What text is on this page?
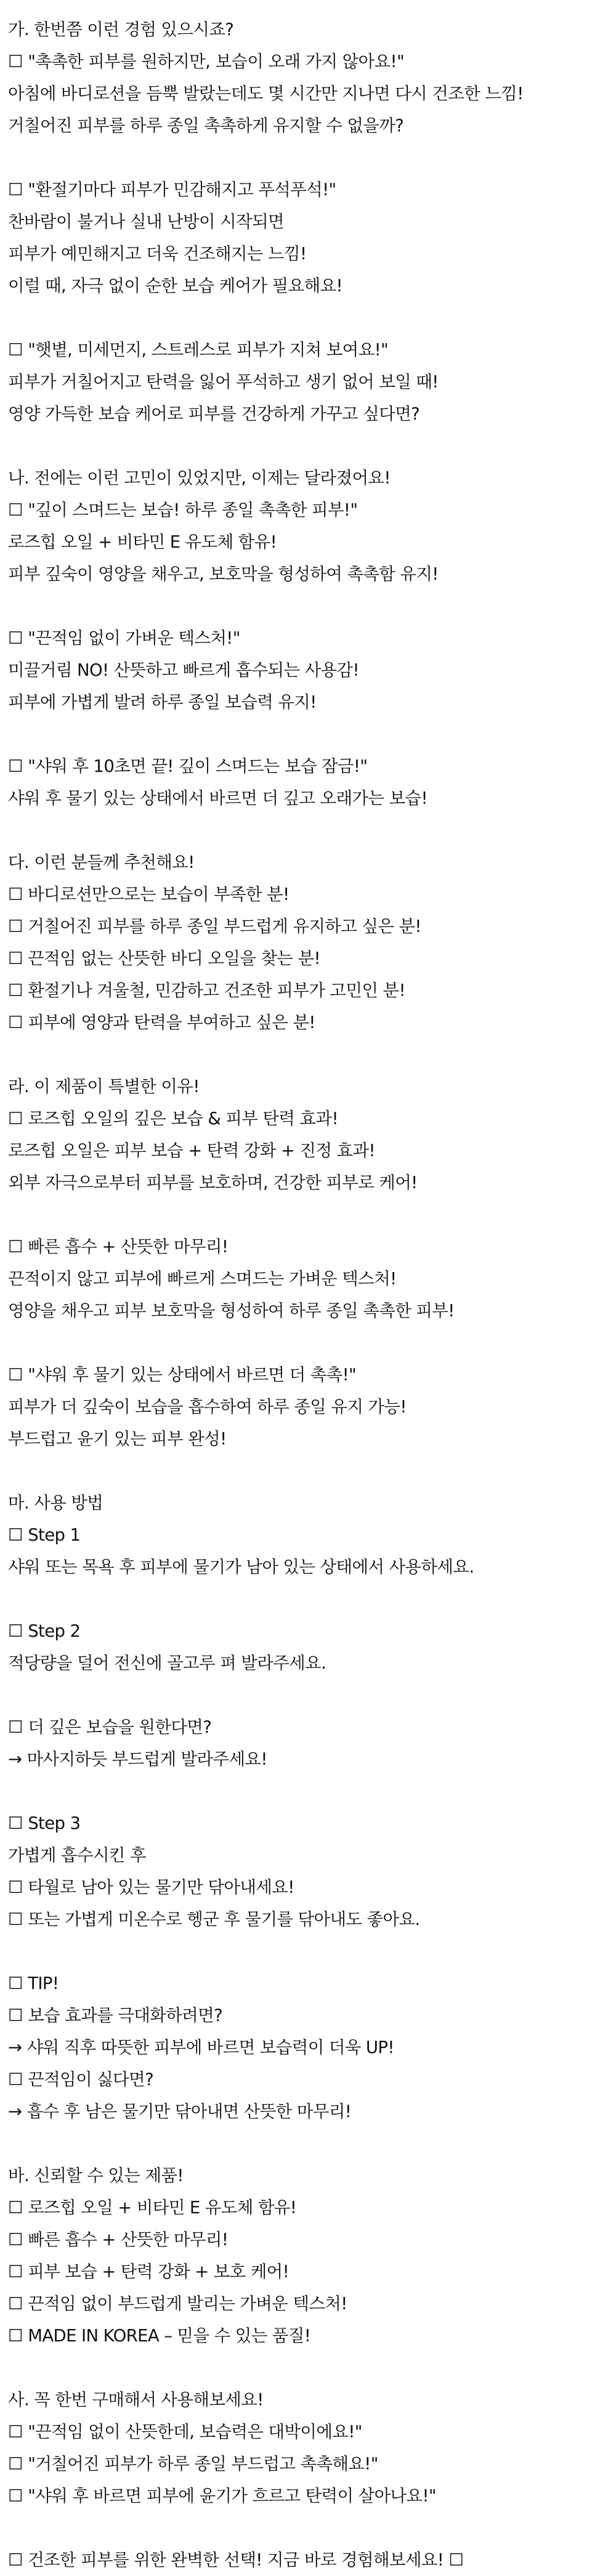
가. 한번쯤 이런 경험 있으시죠?
☐ "촉촉한 피부를 원하지만, 보습이 오래 가지 않아요!"
아침에 바디로션을 듬뿍 발랐는데도 몇 시간만 지나면 다시 건조한 느낌!
거칠어진 피부를 하루 종일 촉촉하게 유지할 수 없을까?
☐ "환절기마다 피부가 민감해지고 푸석푸석!"
찬바람이 불거나 실내 난방이 시작되면
피부가 예민해지고 더욱 건조해지는 느낌!
이럴 때, 자극 없이 순한 보습 케어가 필요해요!
☐ "햇볕, 미세먼지, 스트레스로 피부가 지쳐 보여요!"
피부가 거칠어지고 탄력을 잃어 푸석하고 생기 없어 보일 때!
영양 가득한 보습 케어로 피부를 건강하게 가꾸고 싶다면?
나. 전에는 이런 고민이 있었지만, 이제는 달라졌어요!
☐ "깊이 스며드는 보습! 하루 종일 촉촉한 피부!"
로즈힙 오일 + 비타민 E 유도체 함유!
피부 깊숙이 영양을 채우고, 보호막을 형성하여 촉촉함 유지!
☐ "끈적임 없이 가벼운 텍스처!"
미끌거림 NO! 산뜻하고 빠르게 흡수되는 사용감!
피부에 가볍게 발려 하루 종일 보습력 유지!
☐ "샤워 후 10초면 끝! 깊이 스며드는 보습 잠금!"
샤워 후 물기 있는 상태에서 바르면 더 깊고 오래가는 보습!
다. 이런 분들께 추천해요!
☐ 바디로션만으로는 보습이 부족한 분!
☐ 거칠어진 피부를 하루 종일 부드럽게 유지하고 싶은 분!
☐ 끈적임 없는 산뜻한 바디 오일을 찾는 분!
☐ 환절기나 겨울철, 민감하고 건조한 피부가 고민인 분!
☐ 피부에 영양과 탄력을 부여하고 싶은 분!
라. 이 제품이 특별한 이유!
☐ 로즈힙 오일의 깊은 보습 & 피부 탄력 효과!
로즈힙 오일은 피부 보습 + 탄력 강화 + 진정 효과!
외부 자극으로부터 피부를 보호하며, 건강한 피부로 케어!
☐ 빠른 흡수 + 산뜻한 마무리!
끈적이지 않고 피부에 빠르게 스며드는 가벼운 텍스처!
영양을 채우고 피부 보호막을 형성하여 하루 종일 촉촉한 피부!
☐ "샤워 후 물기 있는 상태에서 바르면 더 촉촉!"
피부가 더 깊숙이 보습을 흡수하여 하루 종일 유지 가능!
부드럽고 윤기 있는 피부 완성!
마. 사용 방법
☐ Step 1
샤워 또는 목욕 후 피부에 물기가 남아 있는 상태에서 사용하세요.
☐ Step 2
적당량을 덜어 전신에 골고루 펴 발라주세요.
☐ 더 깊은 보습을 원한다면?
→ 마사지하듯 부드럽게 발라주세요!
☐ Step 3
가볍게 흡수시킨 후
☐ 타월로 남아 있는 물기만 닦아내세요!
☐ 또는 가볍게 미온수로 헹군 후 물기를 닦아내도 좋아요.
☐ TIP!
☐ 보습 효과를 극대화하려면?
→ 샤워 직후 따뜻한 피부에 바르면 보습력이 더욱 UP!
☐ 끈적임이 싫다면?
→ 흡수 후 남은 물기만 닦아내면 산뜻한 마무리!
바. 신뢰할 수 있는 제품!
☐ 로즈힙 오일 + 비타민 E 유도체 함유!
☐ 빠른 흡수 + 산뜻한 마무리!
☐ 피부 보습 + 탄력 강화 + 보호 케어!
☐ 끈적임 없이 부드럽게 발리는 가벼운 텍스처!
☐ MADE IN KOREA – 믿을 수 있는 품질!
사. 꼭 한번 구매해서 사용해보세요!
☐ "끈적임 없이 산뜻한데, 보습력은 대박이에요!"
☐ "거칠어진 피부가 하루 종일 부드럽고 촉촉해요!"
☐ "샤워 후 바르면 피부에 윤기가 흐르고 탄력이 살아나요!"
☐ 건조한 피부를 위한 완벽한 선택! 지금 바로 경험해보세요! ☐
